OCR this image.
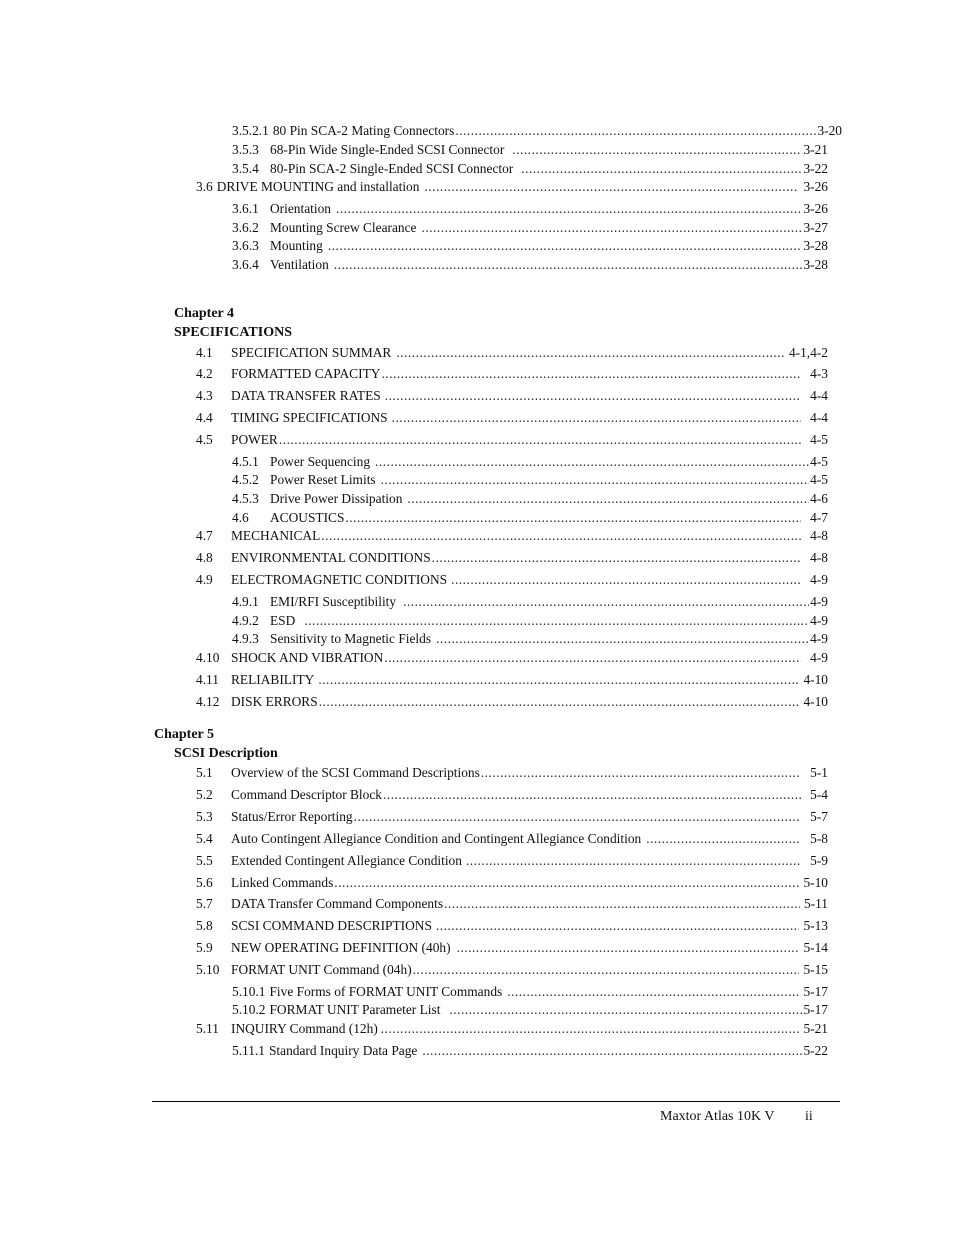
3.5.2.1 80 Pin SCA-2 Mating Connectors .....	3-20
3.5.3 68-Pin Wide Single-Ended SCSI Connector .....	3-21
3.5.4 80-Pin SCA-2 Single-Ended SCSI Connector .....	3-22
3.6 DRIVE MOUNTING and installation .....	3-26
3.6.1 Orientation .....	3-26
3.6.2 Mounting Screw Clearance .....	3-27
3.6.3 Mounting .....	3-28
3.6.4 Ventilation .....	3-28
Chapter 4
SPECIFICATIONS
4.1	SPECIFICATION SUMMAR .....	4-1,4-2
4.2	FORMATTED CAPACITY .....	4-3
4.3	DATA TRANSFER RATES .....	4-4
4.4	TIMING SPECIFICATIONS .....	4-4
4.5	POWER .....	4-5
4.5.1 Power Sequencing .....	4-5
4.5.2 Power Reset Limits .....	4-5
4.5.3 Drive Power Dissipation .....	4-6
4.6	ACOUSTICS .....	4-7
4.7	MECHANICAL .....	4-8
4.8	ENVIRONMENTAL CONDITIONS .....	4-8
4.9	ELECTROMAGNETIC CONDITIONS .....	4-9
4.9.1 EMI/RFI Susceptibility .....	4-9
4.9.2 ESD .....	4-9
4.9.3 Sensitivity to Magnetic Fields .....	4-9
4.10 SHOCK AND VIBRATION .....	4-9
4.11 RELIABILITY .....	4-10
4.12 DISK ERRORS .....	4-10
Chapter 5
SCSI Description
5.1	Overview of the SCSI Command Descriptions .....	5-1
5.2	Command Descriptor Block .....	5-4
5.3	Status/Error Reporting .....	5-7
5.4	Auto Contingent Allegiance Condition and Contingent Allegiance Condition .....	5-8
5.5	Extended Contingent Allegiance Condition .....	5-9
5.6	Linked Commands .....	5-10
5.7	DATA Transfer Command Components .....	5-11
5.8	SCSI COMMAND DESCRIPTIONS .....	5-13
5.9	NEW OPERATING DEFINITION (40h) .....	5-14
5.10 FORMAT UNIT Command (04h) .....	5-15
5.10.1 Five Forms of FORMAT UNIT Commands .....	5-17
5.10.2 FORMAT UNIT Parameter List .....	5-17
5.11 INQUIRY Command (12h) .....	5-21
5.11.1 Standard Inquiry Data Page .....	5-22
Maxtor Atlas 10K V ii
